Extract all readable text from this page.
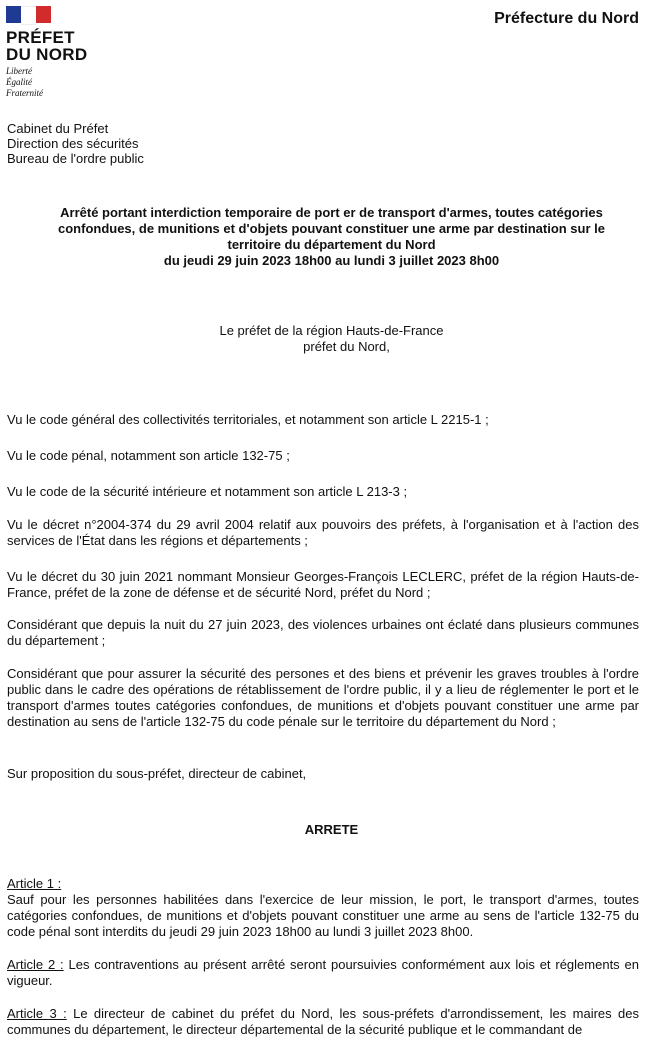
PRÉFET
DU NORD
Liberté
Égalité
Fraternité
Préfecture du Nord
Cabinet du Préfet
Direction des sécurités
Bureau de l'ordre public
Arrêté portant interdiction temporaire de port er de transport d'armes, toutes catégories
confondues, de munitions et d'objets pouvant constituer une arme par destination sur le
territoire du département du Nord
du jeudi 29 juin 2023 18h00 au lundi 3 juillet 2023 8h00
Le préfet de la région Hauts-de-France
préfet du Nord,
Vu le code général des collectivités territoriales, et notamment son article L 2215-1 ;
Vu le code pénal, notamment son article 132-75 ;
Vu le code de la sécurité intérieure et notamment son article L 213-3 ;
Vu le décret n°2004-374 du 29 avril 2004 relatif aux pouvoirs des préfets, à l'organisation et à l'action des services de l'État dans les régions et départements ;
Vu le décret du 30 juin 2021 nommant Monsieur Georges-François LECLERC, préfet de la région Hauts-de-France, préfet de la zone de défense et de sécurité Nord, préfet du Nord ;
Considérant que depuis la nuit du 27 juin 2023, des violences urbaines ont éclaté dans plusieurs communes du département ;
Considérant que pour assurer la sécurité des persones et des biens et prévenir les graves troubles à l'ordre public dans le cadre des opérations de rétablissement de l'ordre public, il y a lieu de réglementer le port et le transport d'armes toutes catégories confondues, de munitions et d'objets pouvant constituer une arme par destination au sens de l'article 132-75 du code pénale sur le territoire du département du Nord ;
Sur proposition du sous-préfet, directeur de cabinet,
ARRETE
Article 1 :
Sauf pour les personnes habilitées dans l'exercice de leur mission, le port, le transport d'armes, toutes catégories confondues, de munitions et d'objets pouvant constituer une arme au sens de l'article 132-75 du code pénal sont interdits du jeudi 29 juin 2023 18h00 au lundi 3 juillet 2023 8h00.
Article 2 : Les contraventions au présent arrêté seront poursuivies conformément aux lois et réglements en vigueur.
Article 3 : Le directeur de cabinet du préfet du Nord, les sous-préfets d'arrondissement, les maires des communes du département, le directeur départemental de la sécurité publique et le commandant de
